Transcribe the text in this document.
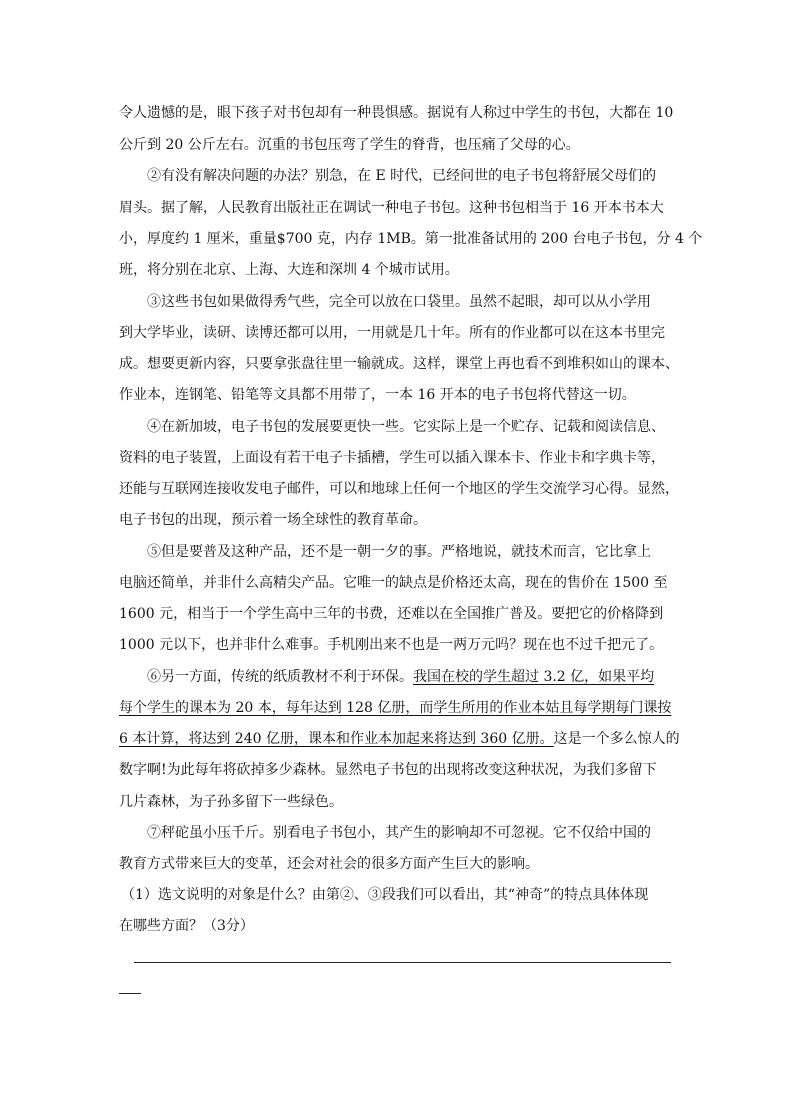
令人遗憾的是，眼下孩子对书包却有一种畏惧感。据说有人称过中学生的书包，大都在 10
公斤到 20 公斤左右。沉重的书包压弯了学生的脊背，也压痛了父母的心。
②有没有解决问题的办法？别急，在 E 时代，已经问世的电子书包将舒展父母们的
眉头。据了解，人民教育出版社正在调试一种电子书包。这种书包相当于 16 开本书本大
小，厚度约 1 厘米，重量$700 克，内存 1MB。第一批准备试用的 200 台电子书包，分 4 个
班，将分别在北京、上海、大连和深圳 4 个城市试用。
③这些书包如果做得秀气些，完全可以放在口袋里。虽然不起眼，却可以从小学用
到大学毕业，读研、读博还都可以用，一用就是几十年。所有的作业都可以在这本书里完
成。想要更新内容，只要拿张盘往里一输就成。这样，课堂上再也看不到堆积如山的课本、
作业本，连钢笔、铅笔等文具都不用带了，一本 16 开本的电子书包将代替这一切。
④在新加坡，电子书包的发展要更快一些。它实际上是一个贮存、记载和阅读信息、
资料的电子装置，上面设有若干电子卡插槽，学生可以插入课本卡、作业卡和字典卡等，
还能与互联网连接收发电子邮件，可以和地球上任何一个地区的学生交流学习心得。显然，
电子书包的出现，预示着一场全球性的教育革命。
⑤但是要普及这种产品，还不是一朝一夕的事。严格地说，就技术而言，它比拿上
电脑还简单，并非什么高精尖产品。它唯一的缺点是价格还太高，现在的售价在 1500 至
1600 元，相当于一个学生高中三年的书费，还难以在全国推广普及。要把它的价格降到
1000 元以下，也并非什么难事。手机刚出来不也是一两万元吗？现在也不过千把元了。
⑥另一方面，传统的纸质教材不利于环保。我国在校的学生超过 3.2 亿，如果平均
每个学生的课本为 20 本，每年达到 128 亿册，而学生所用的作业本姑且每学期每门课按
6 本计算，将达到 240 亿册，课本和作业本加起来将达到 360 亿册。这是一个多么惊人的
数字啊!为此每年将砍掉多少森林。显然电子书包的出现将改变这种状况，为我们多留下
几片森林，为子孙多留下一些绿色。
⑦秤砣虽小压千斤。别看电子书包小，其产生的影响却不可忽视。它不仅给中国的
教育方式带来巨大的变革，还会对社会的很多方面产生巨大的影响。
（1）选文说明的对象是什么？由第②、③段我们可以看出，其“神奇”的特点具体体现
在哪些方面？（3分）
